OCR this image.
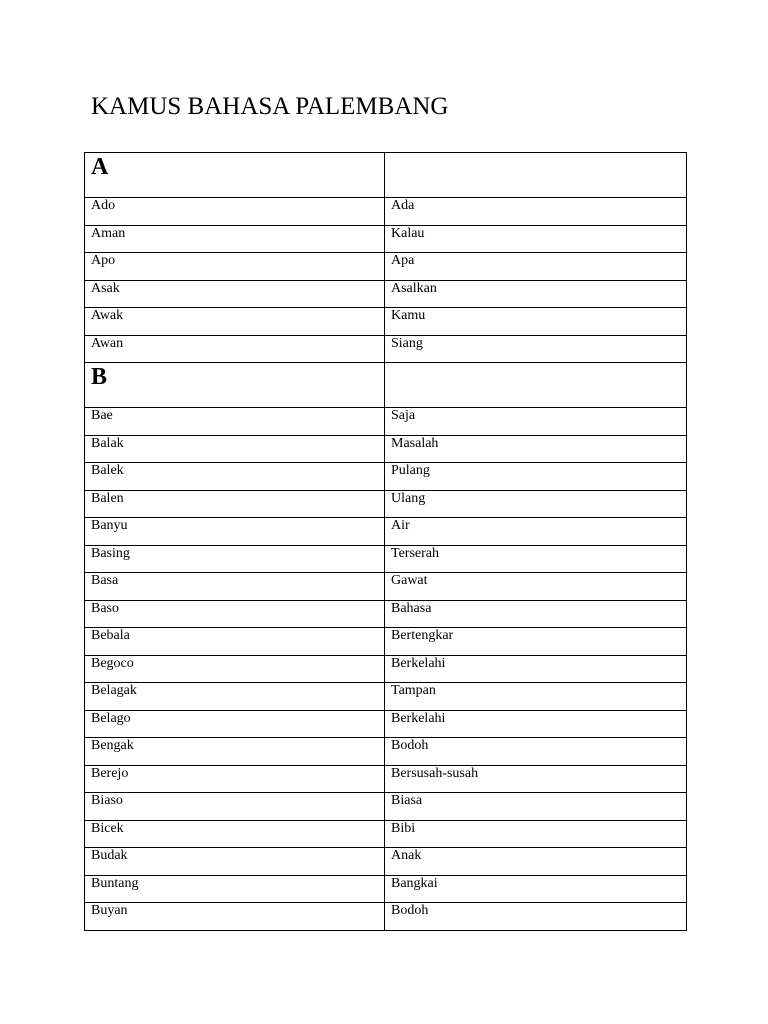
KAMUS BAHASA PALEMBANG
A	

Ado	Ada
Aman	Kalau
Apo	Apa
Asak	Asalkan
Awak	Kamu
Awan	Siang

B	

Bae	Saja
Balak	Masalah
Balek	Pulang
Balen	Ulang
Banyu	Air
Basing	Terserah
Basa	Gawat
Baso	Bahasa
Bebala	Bertengkar
Begoco	Berkelahi
Belagak	Tampan
Belago	Berkelahi
Bengak	Bodoh
Berejo	Bersusah-susah
Biaso	Biasa
Bicek	Bibi
Budak	Anak
Buntang	Bangkai
Buyan	Bodoh
